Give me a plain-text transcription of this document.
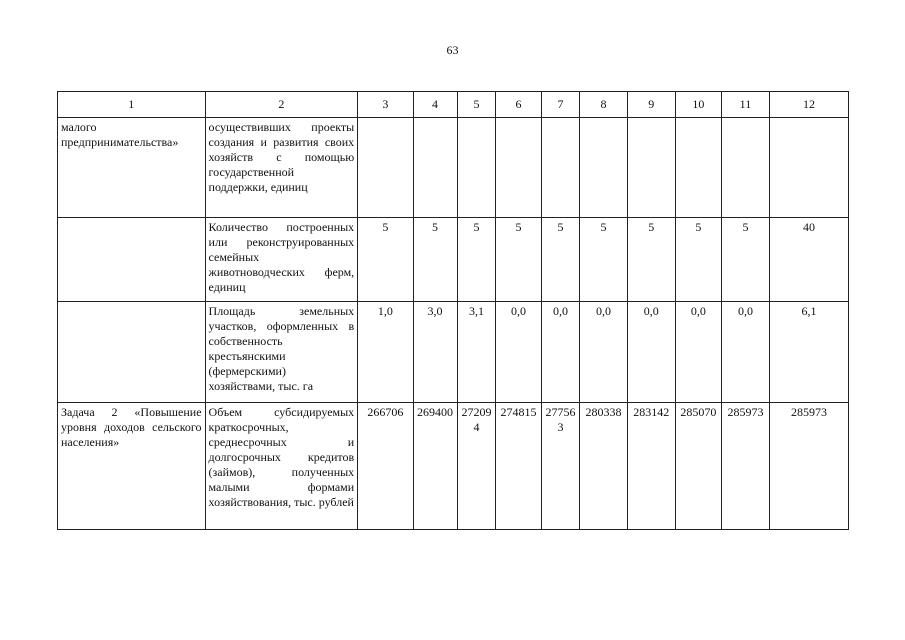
63
1	2	3	4	5	6	7	8	9	10	11	12
малого предпринимательства»	осуществивших проекты создания и развития своих хозяйств с помощью государственной поддержки, единиц										
	Количество построенных или реконструированных семейных животноводческих ферм, единиц	5	5	5	5	5	5	5	5	5	40
	Площадь земельных участков, оформленных в собственность крестьянскими (фермерскими) хозяйствами, тыс. га	1,0	3,0	3,1	0,0	0,0	0,0	0,0	0,0	0,0	6,1
Задача 2 «Повышение уровня доходов сельского населения»	Объем субсидируемых краткосрочных, среднесрочных и долгосрочных кредитов (займов), полученных малыми формами хозяйствования, тыс. рублей	266706	269400	272094	274815	277563	280338	283142	285070	285973	285973
